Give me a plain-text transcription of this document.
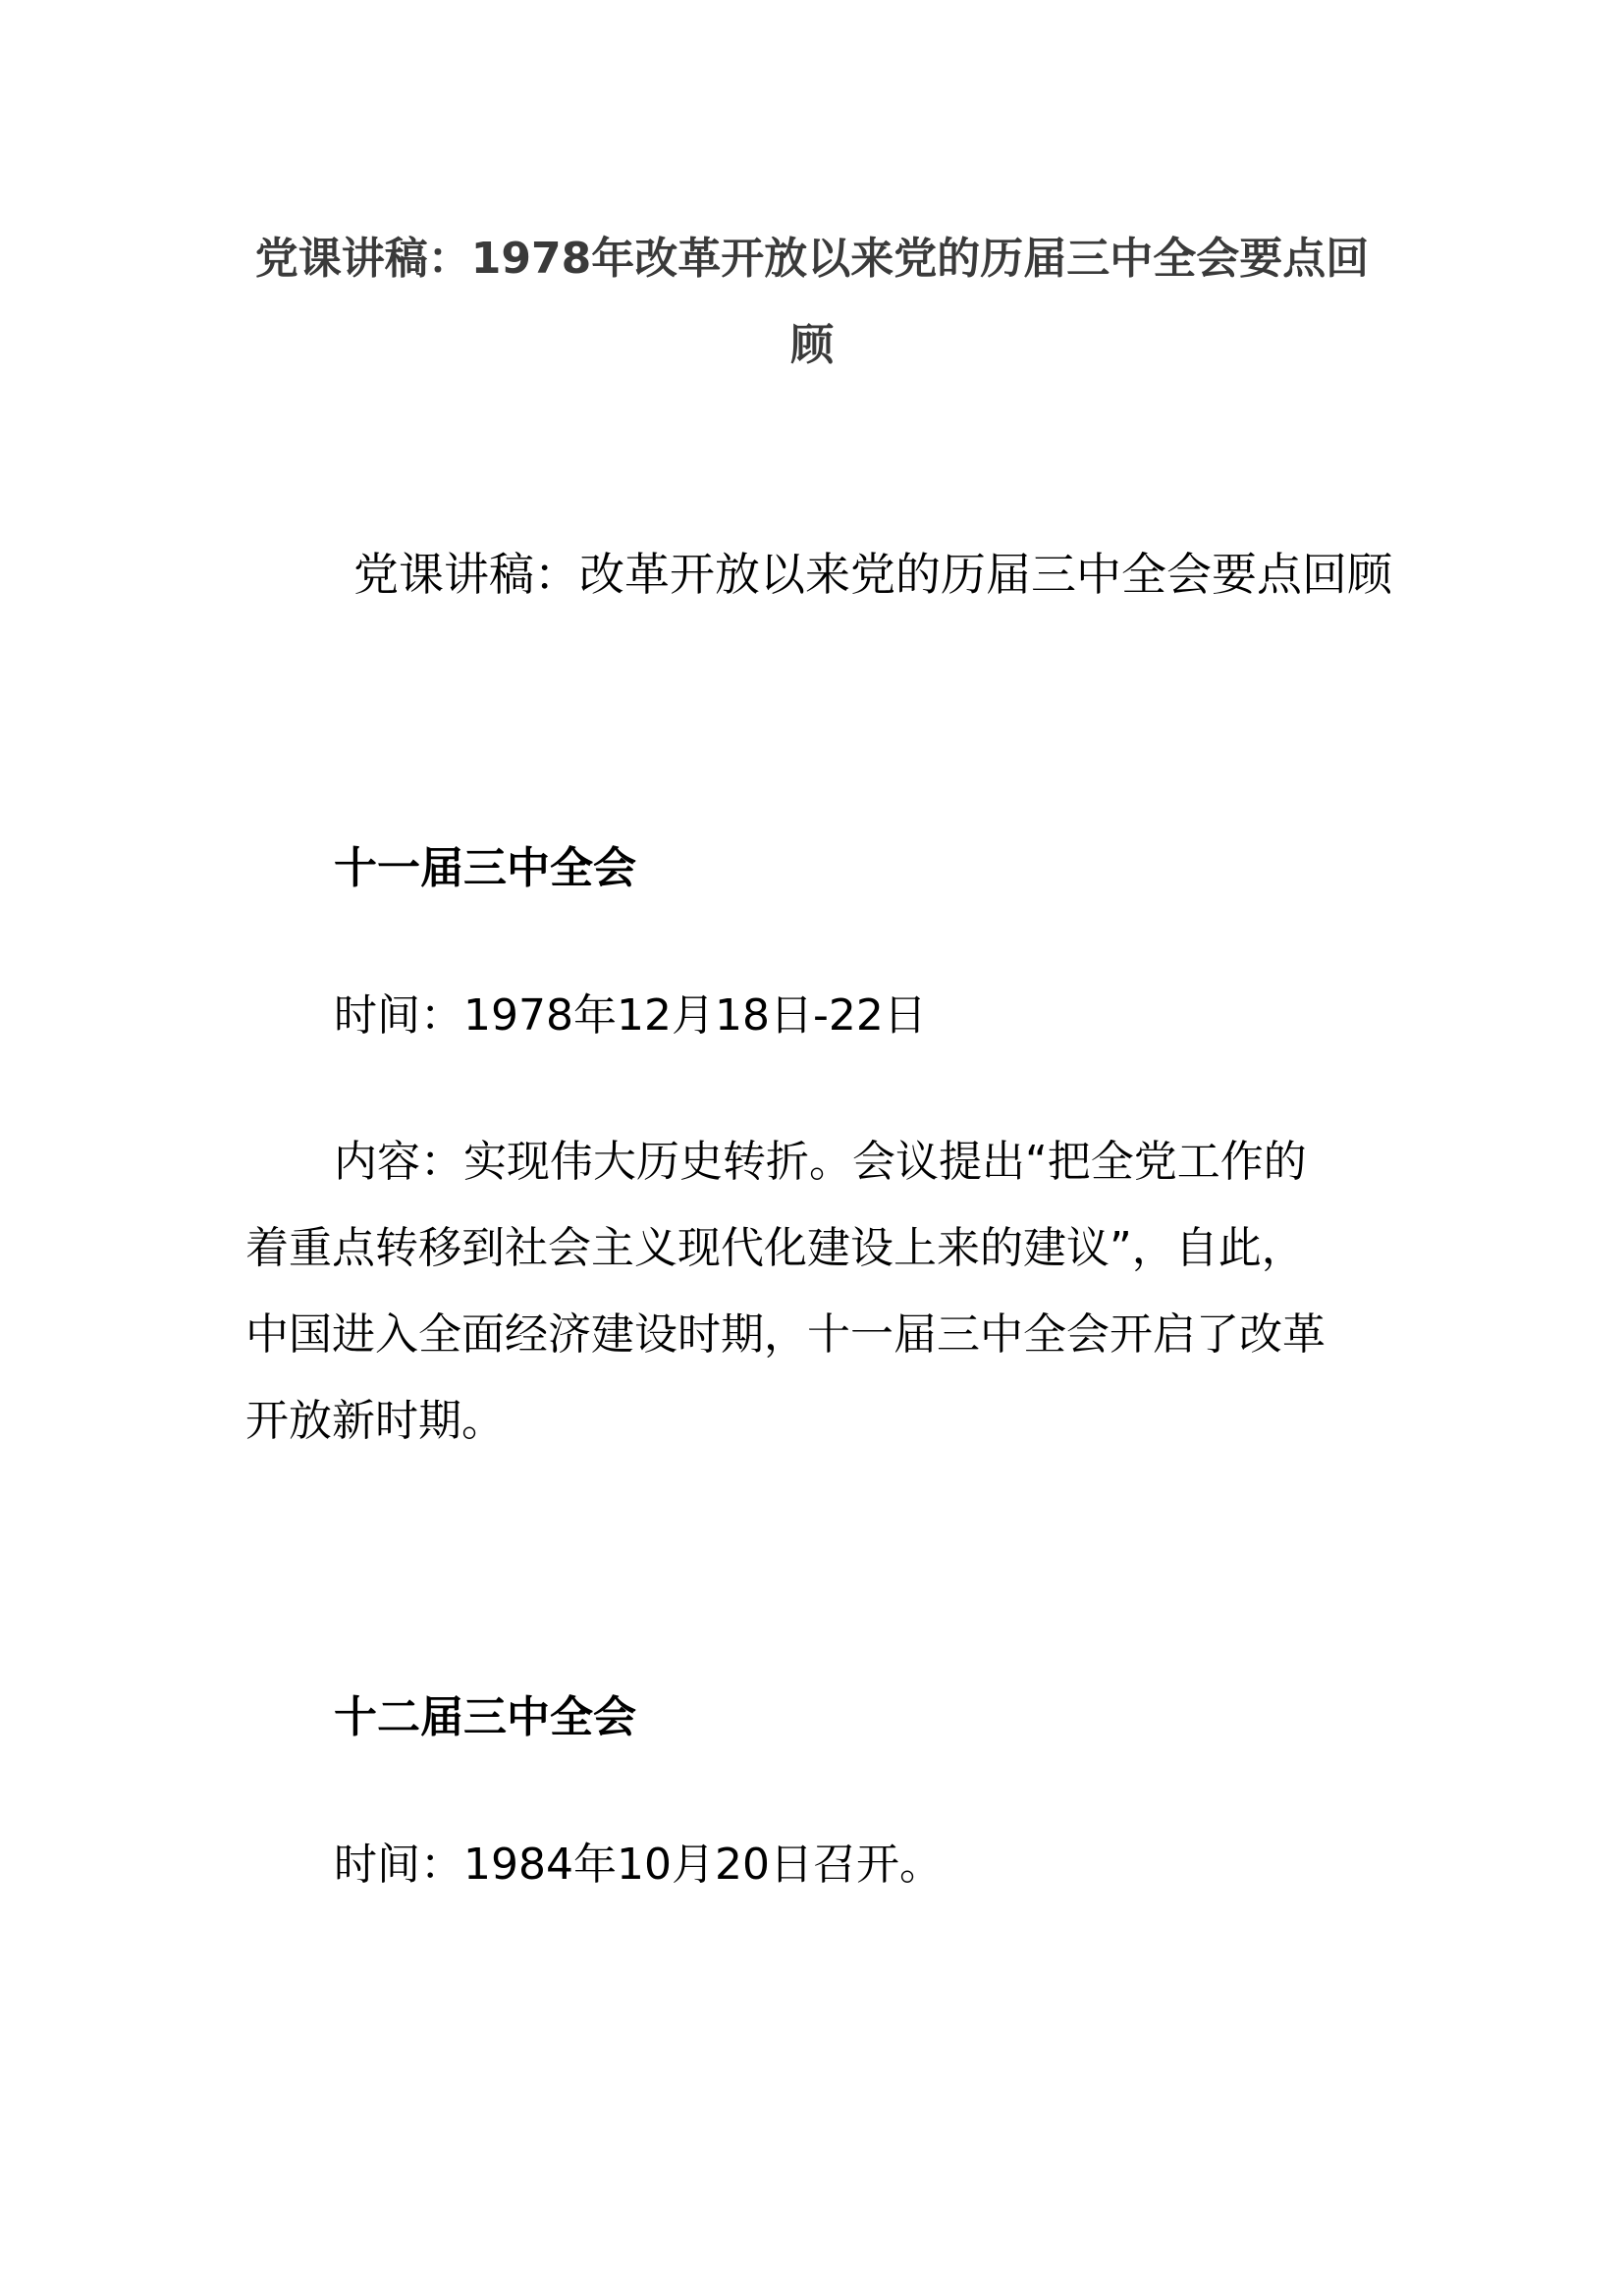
党课讲稿：1978年改革开放以来党的历届三中全会要点回顾

党课讲稿：改革开放以来党的历届三中全会要点回顾

十一届三中全会

时间：1978年12月18日-22日

内容：实现伟大历史转折。会议提出“把全党工作的
着重点转移到社会主义现代化建设上来的建议”，自此，
中国进入全面经济建设时期，十一届三中全会开启了改革
开放新时期。
十二届三中全会

时间：1984年10月20日召开。
